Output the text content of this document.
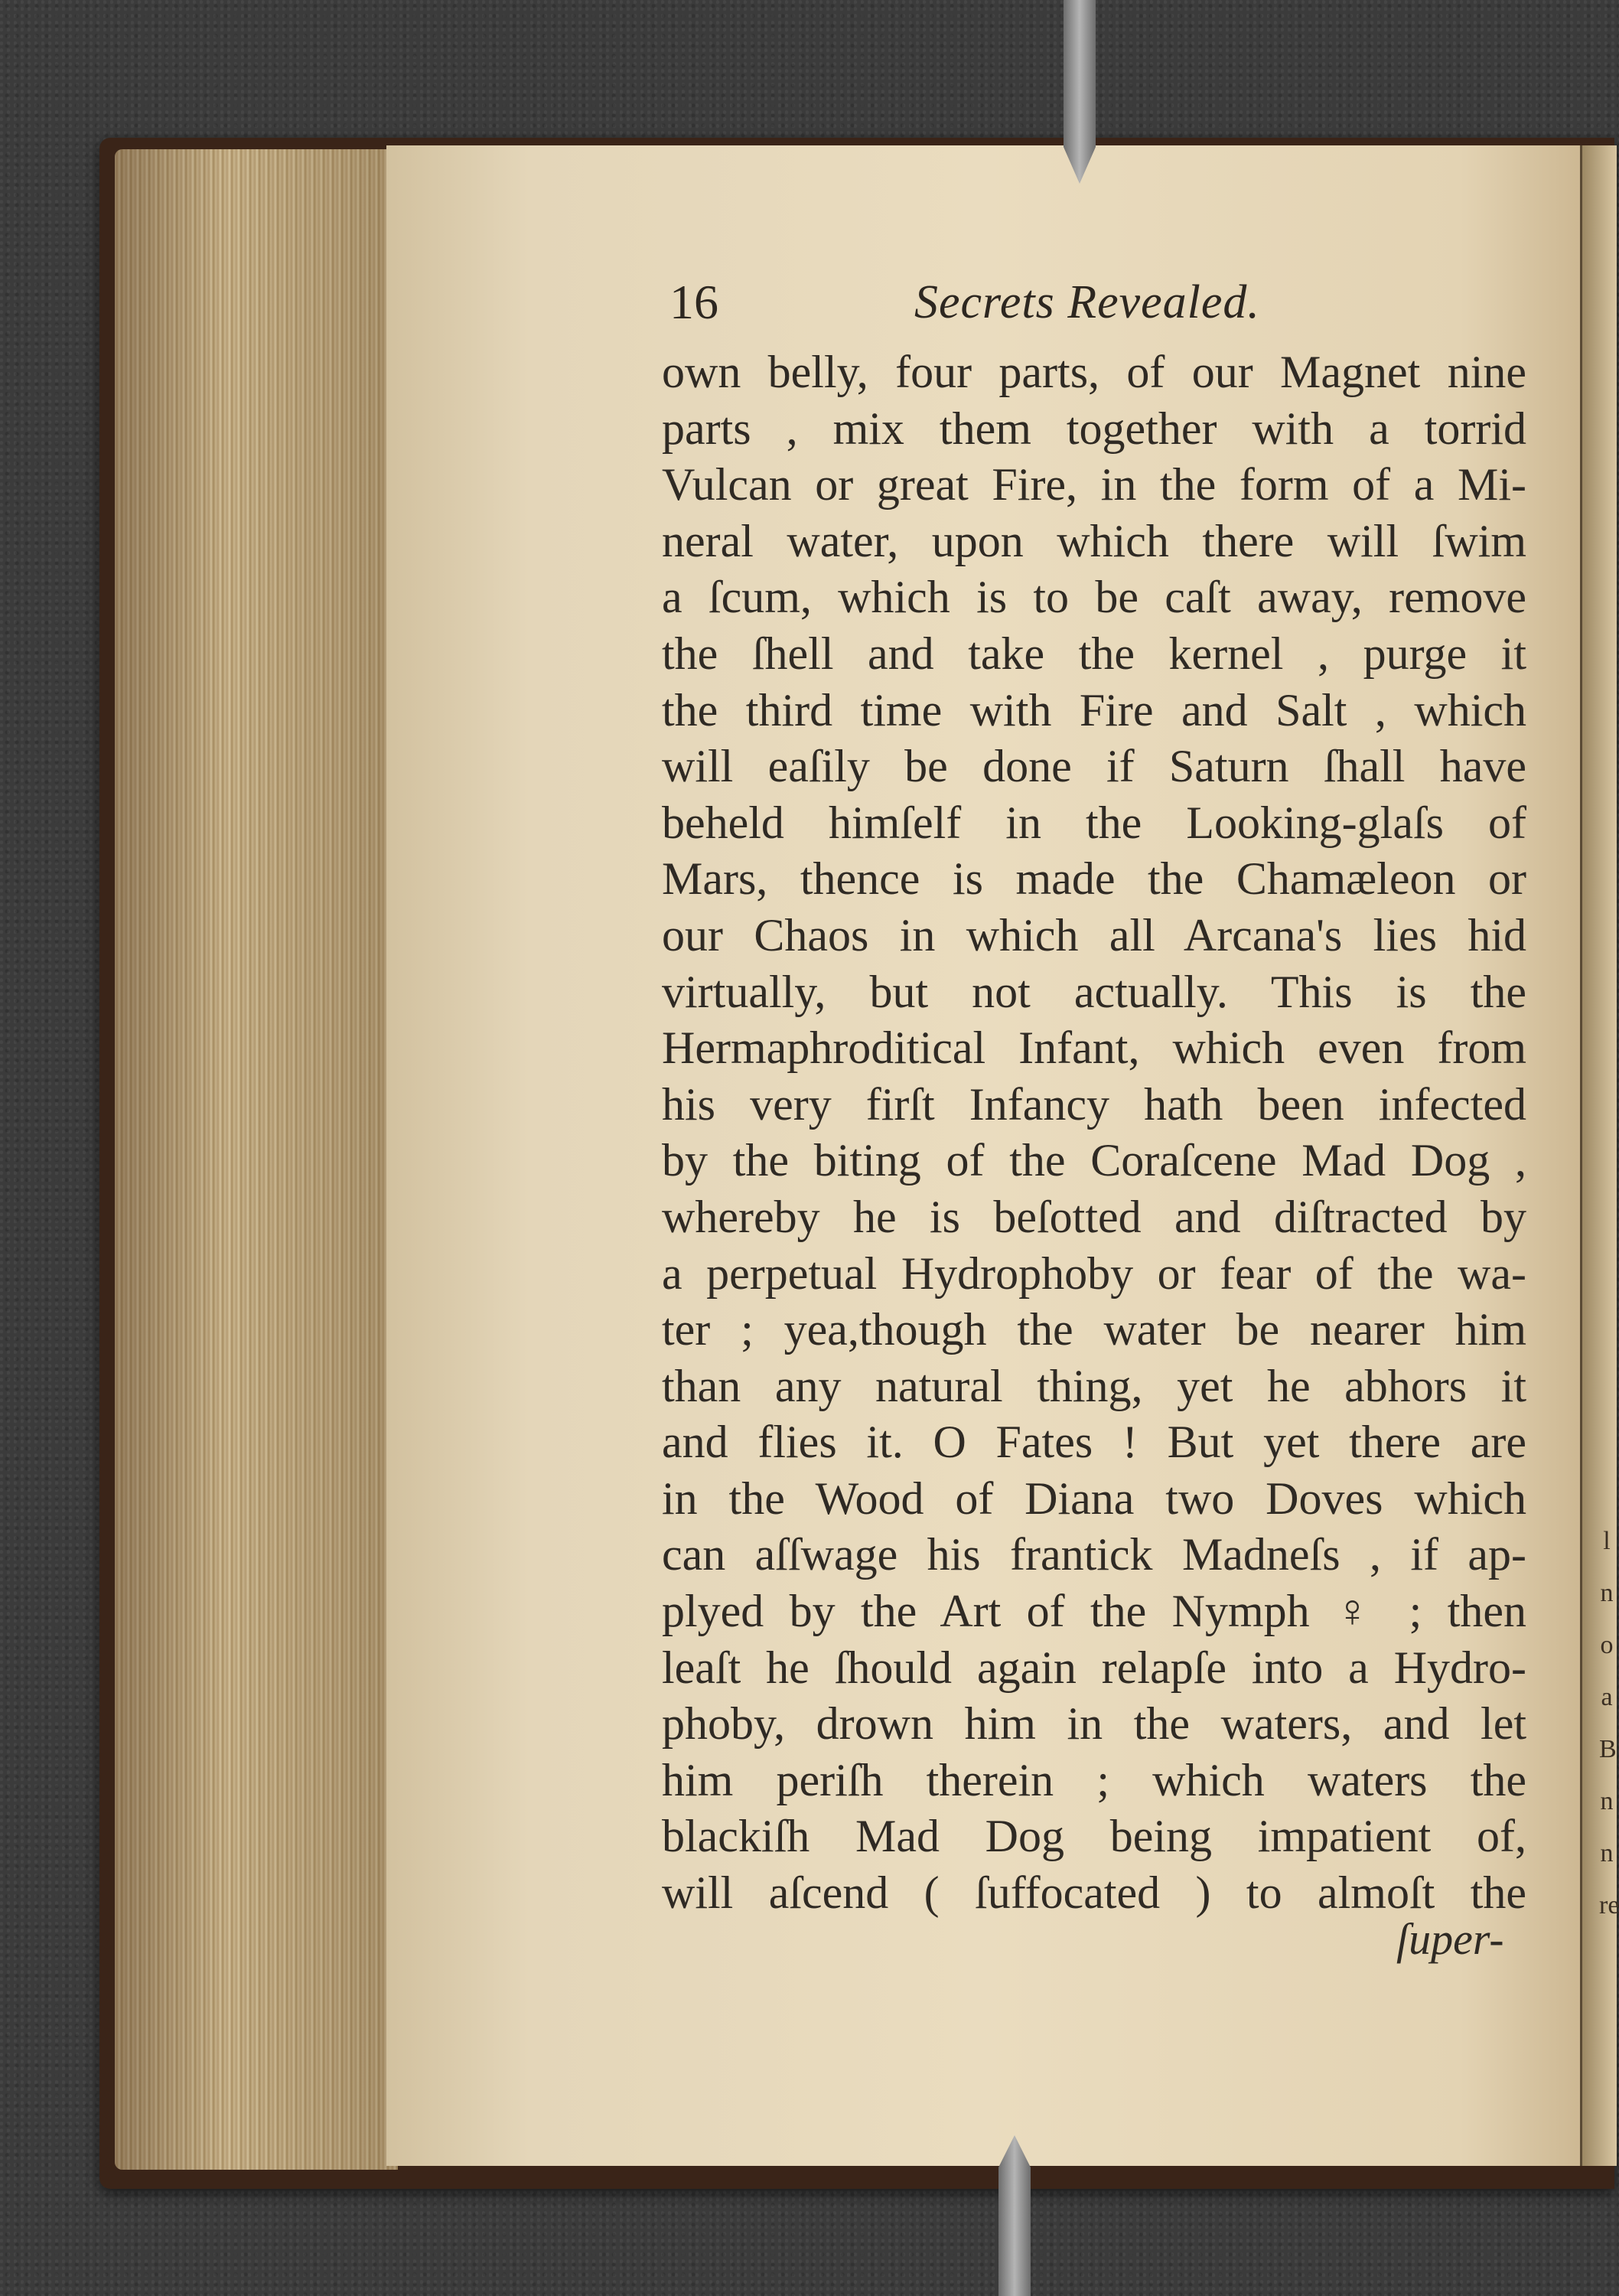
l
n
o
a
B
n
n
re
16	Secrets Revealed.
own belly, four parts, of our Magnet nine
parts , mix them together with a torrid
Vulcan or great Fire, in the form of a Mi-
neral water, upon which there will ſwim
a ſcum, which is to be caſt away, remove
the ſhell and take the kernel , purge it
the third time with Fire and Salt , which
will eaſily be done if Saturn ſhall have
beheld himſelf in the Looking-glaſs of
Mars, thence is made the Chamæleon or
our Chaos in which all Arcana's lies hid
virtually, but not actually. This is the
Hermaphroditical Infant, which even from
his very firſt Infancy hath been infected
by the biting of the Coraſcene Mad Dog ,
whereby he is beſotted and diſtracted by
a perpetual Hydrophoby or fear of the wa-
ter ; yea,though the water be nearer him
than any natural thing, yet he abhors it
and flies it. O Fates ! But yet there are
in the Wood of Diana two Doves which
can aſſwage his frantick Madneſs , if ap-
plyed by the Art of the Nymph ♀ ; then
leaſt he ſhould again relapſe into a Hydro-
phoby, drown him in the waters, and let
him periſh therein ; which waters the
blackiſh Mad Dog being impatient of,
will aſcend ( ſuffocated ) to almoſt the
ſuper-
